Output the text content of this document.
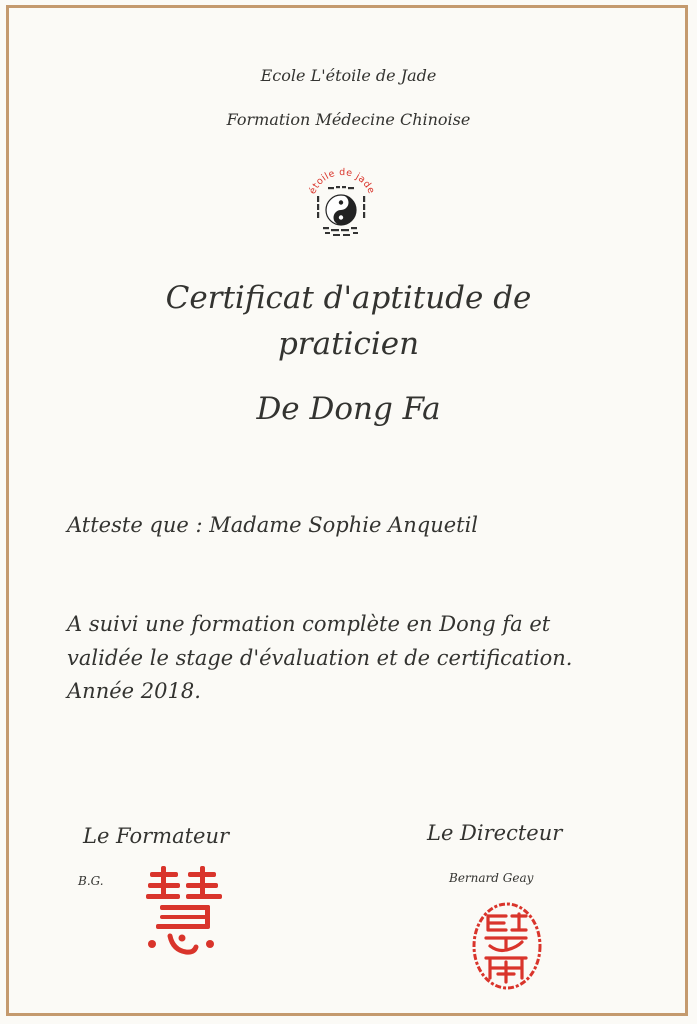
Ecole L'étoile de Jade
Formation Médecine Chinoise
étoile de jade
Certificat d'aptitude de
praticien
De Dong Fa
Atteste que : Madame Sophie Anquetil
A suivi une formation complète en Dong fa et
validée le stage d'évaluation et de certification.
Année 2018.
Le Formateur
B.G.
Le Directeur
Bernard Geay
